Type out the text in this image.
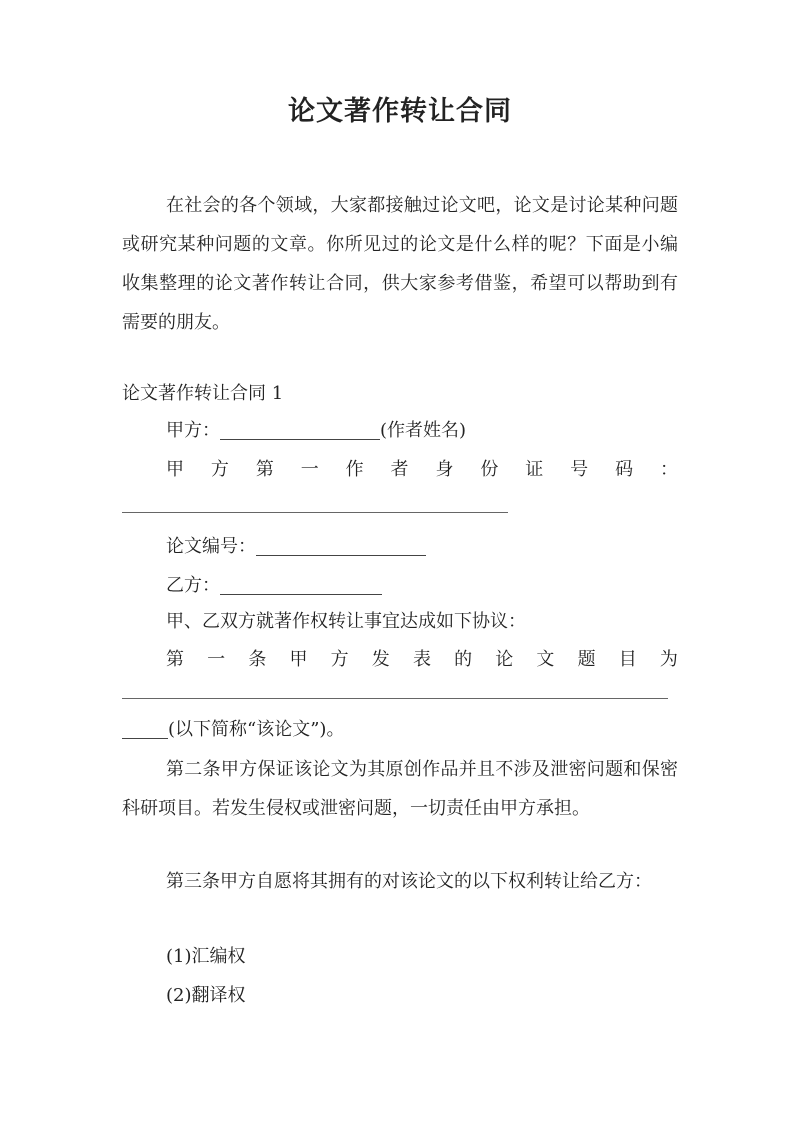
论文著作转让合同

在社会的各个领域，大家都接触过论文吧，论文是讨论某种问题或研究某种问题的文章。你所见过的论文是什么样的呢？下面是小编收集整理的论文著作转让合同，供大家参考借鉴，希望可以帮助到有需要的朋友。

论文著作转让合同 1
甲方：	(作者姓名)
甲 方 第 一 作 者 身 份 证 号 码 ：
论文编号：
乙方：
甲、乙双方就著作权转让事宜达成如下协议：
第 一 条 甲 方 发 表 的 论 文 题 目 为
(以下简称“该论文”)。

第二条甲方保证该论文为其原创作品并且不涉及泄密问题和保密科研项目。若发生侵权或泄密问题，一切责任由甲方承担。

第三条甲方自愿将其拥有的对该论文的以下权利转让给乙方：

(1)汇编权
(2)翻译权
